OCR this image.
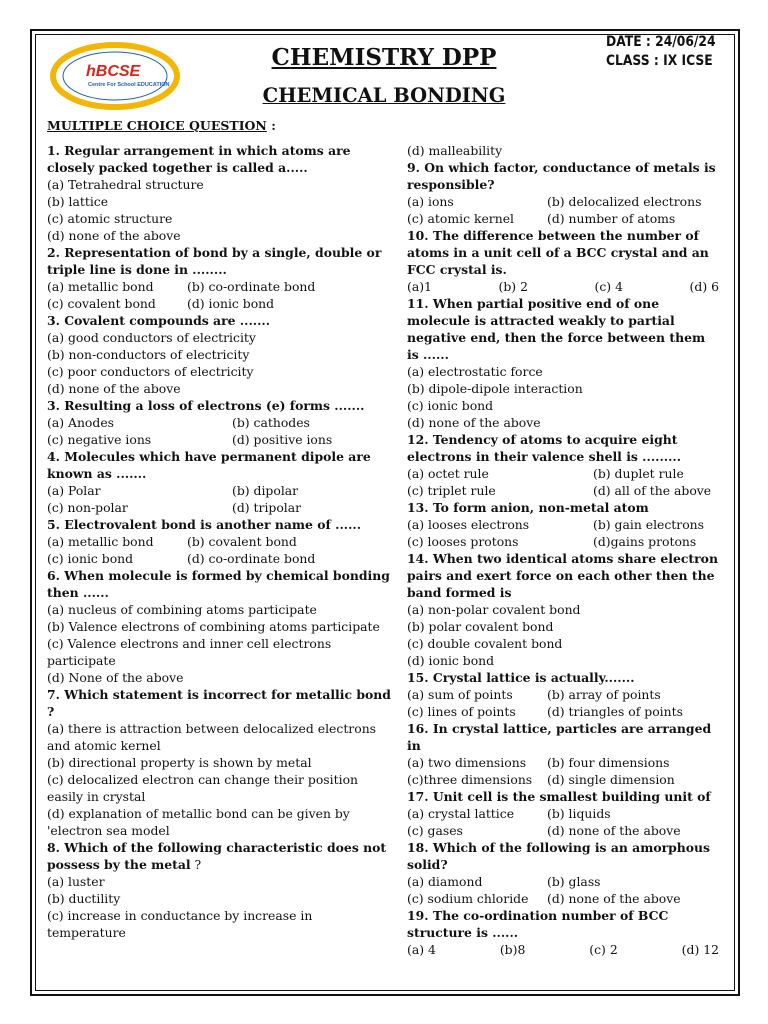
hBCSE
Centre For School EDUCATION
CHEMISTRY DPP
CHEMICAL BONDING
DATE : 24/06/24
CLASS : IX ICSE
MULTIPLE CHOICE QUESTION :
1. Regular arrangement in which atoms are closely packed together is called a.....
(a) Tetrahedral structure
(b) lattice
(c) atomic structure
(d) none of the above
2. Representation of bond by a single, double or triple line is done in ........
(a) metallic bond	(b) co-ordinate bond
(c) covalent bond	(d) ionic bond
3. Covalent compounds are .......
(a) good conductors of electricity
(b) non-conductors of electricity
(c) poor conductors of electricity
(d) none of the above
3. Resulting a loss of electrons (e) forms .......
(a) Anodes	(b) cathodes
(c) negative ions	(d) positive ions
4. Molecules which have permanent dipole are known as .......
(a) Polar	(b) dipolar
(c) non-polar	(d) tripolar
5. Electrovalent bond is another name of ......
(a) metallic bond	(b) covalent bond
(c) ionic bond	(d) co-ordinate bond
6. When molecule is formed by chemical bonding then ......
(a) nucleus of combining atoms participate
(b) Valence electrons of combining atoms participate
(c) Valence electrons and inner cell electrons participate
(d) None of the above
7. Which statement is incorrect for metallic bond ?
(a) there is attraction between delocalized electrons and atomic kernel
(b) directional property is shown by metal
(c) delocalized electron can change their position easily in crystal
(d) explanation of metallic bond can be given by 'electron sea model
8. Which of the following characteristic does not possess by the metal ?
(a) luster
(b) ductility
(c) increase in conductance by increase in temperature
(d) malleability
9. On which factor, conductance of metals is responsible?
(a) ions	(b) delocalized electrons
(c) atomic kernel	(d) number of atoms
10. The difference between the number of atoms in a unit cell of a BCC crystal and an FCC crystal is.
(a)1	(b) 2	(c) 4	(d) 6
11. When partial positive end of one molecule is attracted weakly to partial negative end, then the force between them is ......
(a) electrostatic force
(b) dipole-dipole interaction
(c) ionic bond
(d) none of the above
12. Tendency of atoms to acquire eight electrons in their valence shell is .........
(a) octet rule	(b) duplet rule
(c) triplet rule	(d) all of the above
13. To form anion, non-metal atom
(a) looses electrons	(b) gain electrons
(c) looses protons	(d)gains protons
14. When two identical atoms share electron pairs and exert force on each other then the band formed is
(a) non-polar covalent bond
(b) polar covalent bond
(c) double covalent bond
(d) ionic bond
15. Crystal lattice is actually.......
(a) sum of points	(b) array of points
(c) lines of points	(d) triangles of points
16. In crystal lattice, particles are arranged in
(a) two dimensions	(b) four dimensions
(c)three dimensions	(d) single dimension
17. Unit cell is the smallest building unit of
(a) crystal lattice	(b) liquids
(c) gases	(d) none of the above
18. Which of the following is an amorphous solid?
(a) diamond	(b) glass
(c) sodium chloride	(d) none of the above
19. The co-ordination number of BCC structure is ......
(a) 4	(b)8	(c) 2	(d) 12
